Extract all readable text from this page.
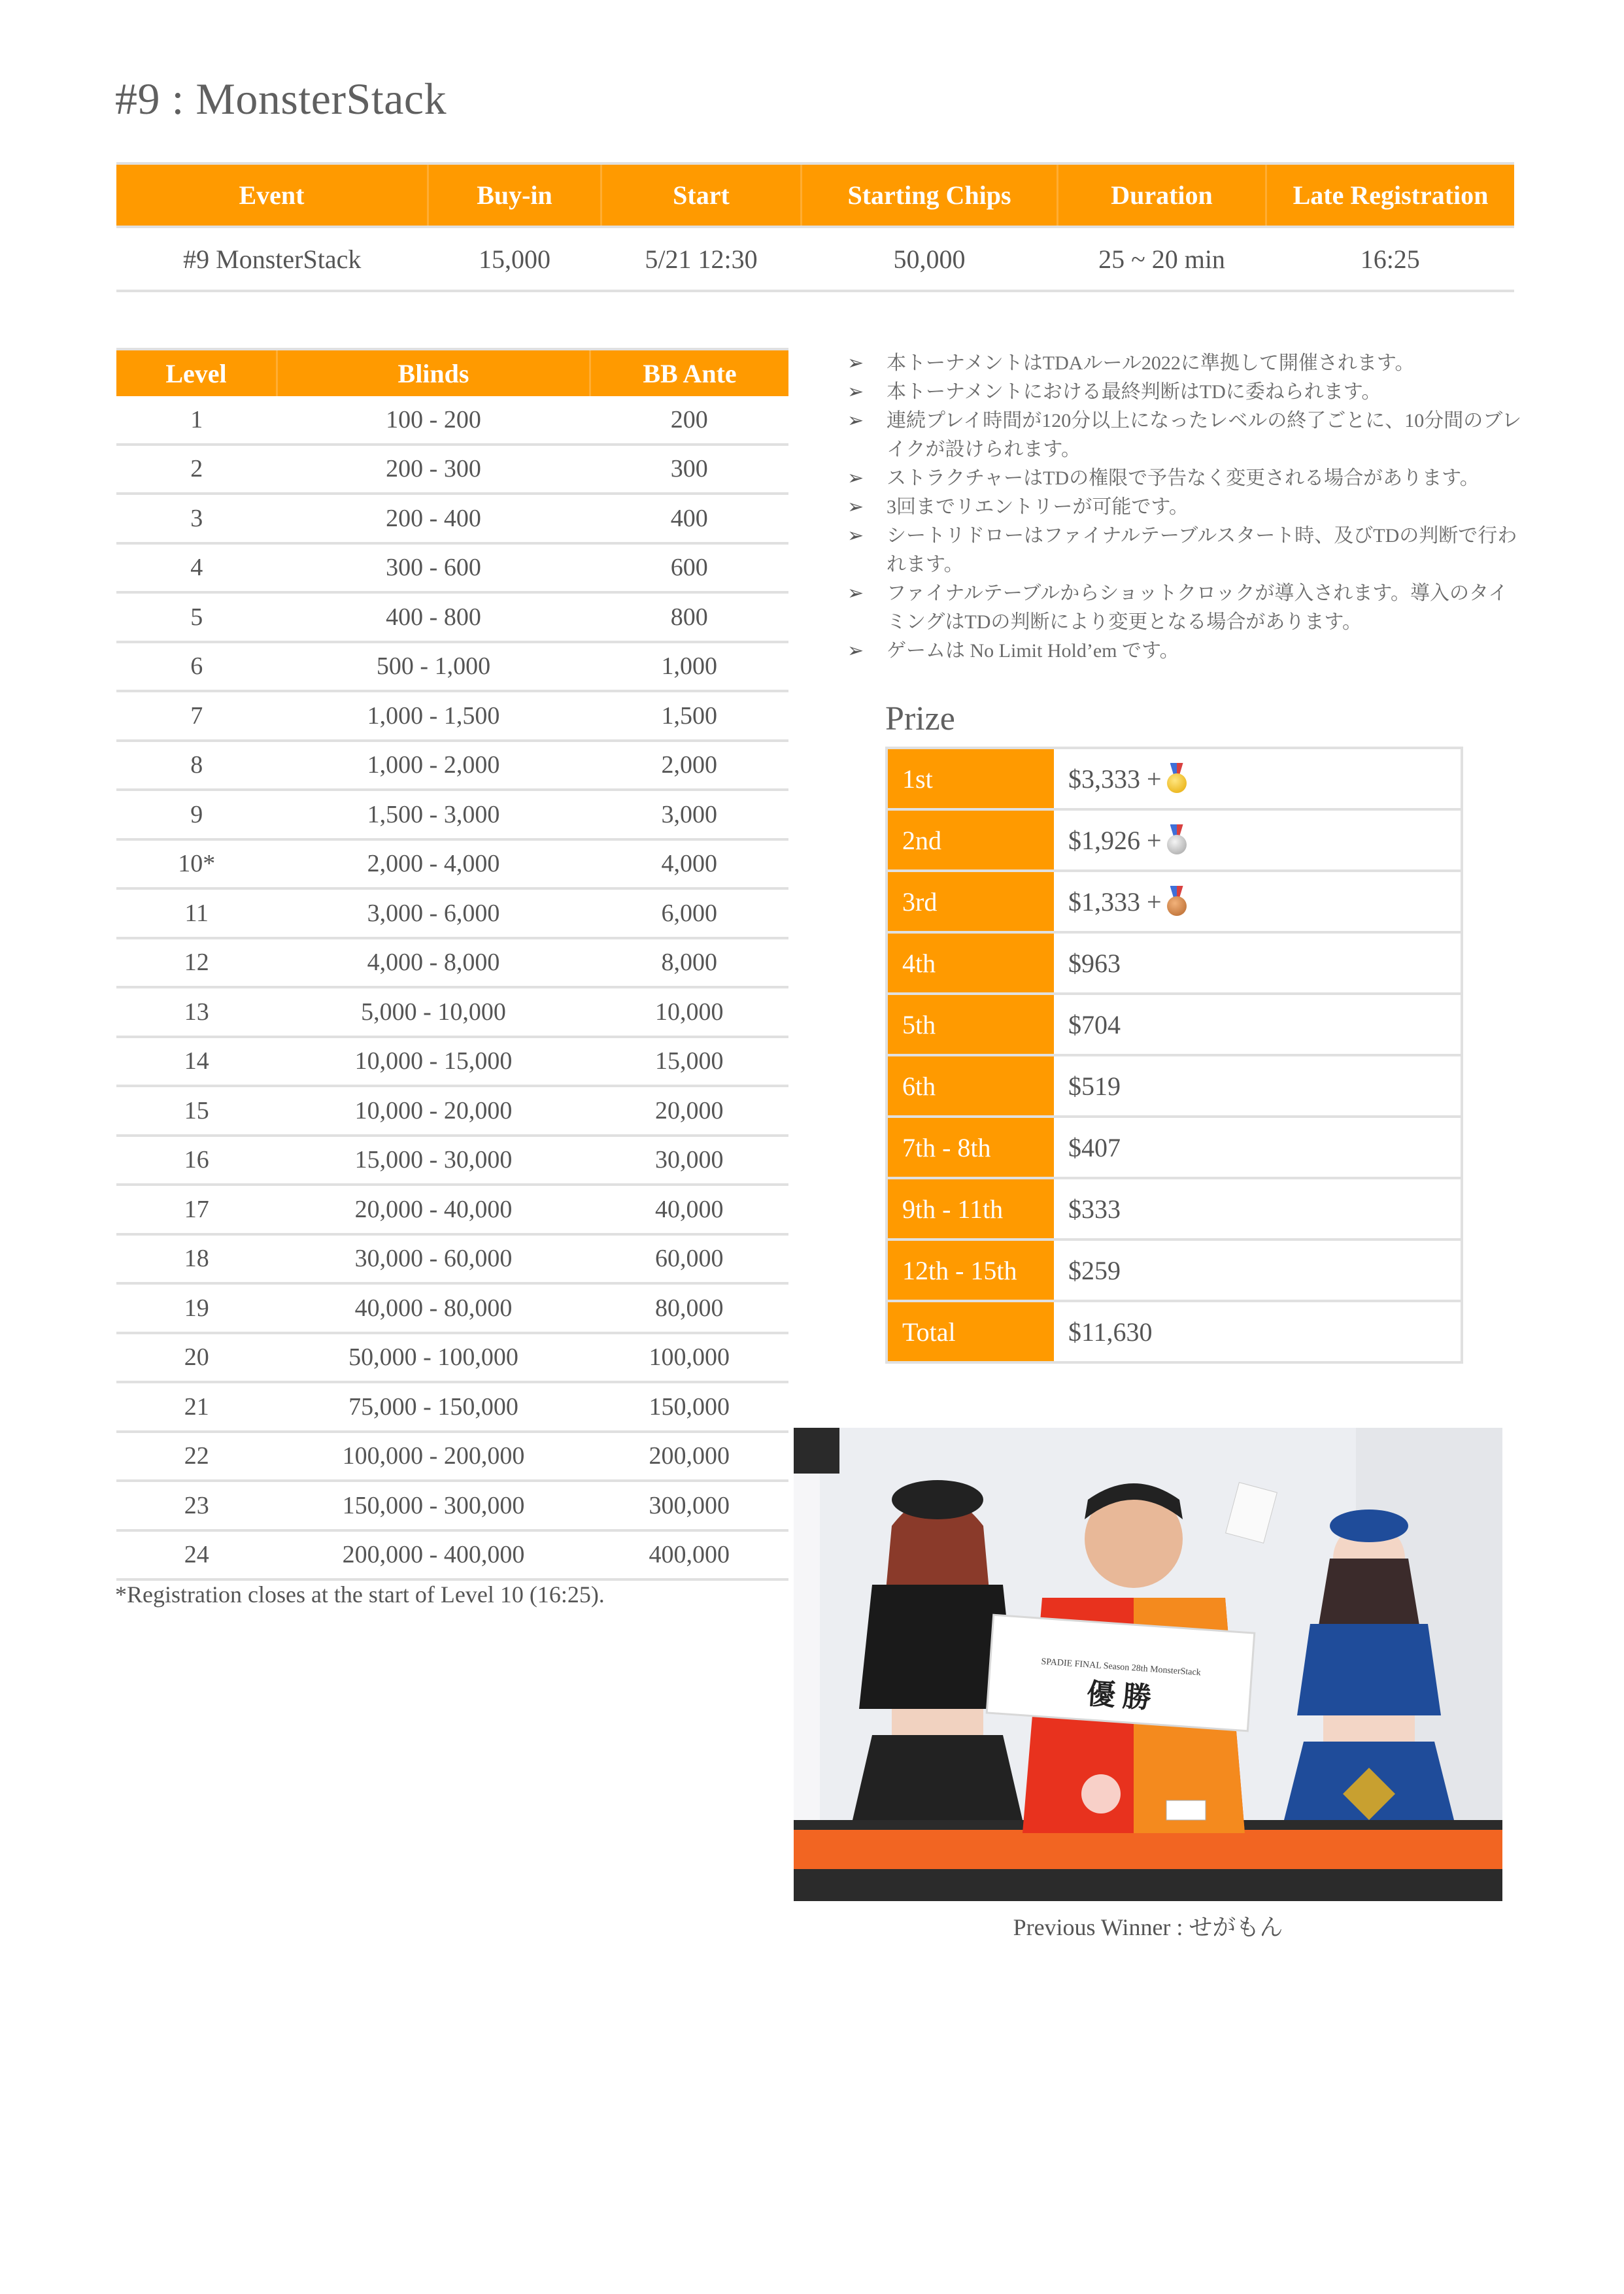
#9 : MonsterStack
Event	Buy-in	Start	Starting Chips	Duration	Late Registration
#9 MonsterStack	15,000	5/21 12:30	50,000	25 ~ 20 min	16:25
Level	Blinds	BB Ante
1	100 - 200	200
2	200 - 300	300
3	200 - 400	400
4	300 - 600	600
5	400 - 800	800
6	500 - 1,000	1,000
7	1,000 - 1,500	1,500
8	1,000 - 2,000	2,000
9	1,500 - 3,000	3,000
10*	2,000 - 4,000	4,000
11	3,000 - 6,000	6,000
12	4,000 - 8,000	8,000
13	5,000 - 10,000	10,000
14	10,000 - 15,000	15,000
15	10,000 - 20,000	20,000
16	15,000 - 30,000	30,000
17	20,000 - 40,000	40,000
18	30,000 - 60,000	60,000
19	40,000 - 80,000	80,000
20	50,000 - 100,000	100,000
21	75,000 - 150,000	150,000
22	100,000 - 200,000	200,000
23	150,000 - 300,000	300,000
24	200,000 - 400,000	400,000
*Registration closes at the start of Level 10 (16:25).
➢ 本トーナメントはTDAルール2022に準拠して開催されます。
➢ 本トーナメントにおける最終判断はTDに委ねられます。
➢ 連続プレイ時間が120分以上になったレベルの終了ごとに、10分間のブレイクが設けられます。
➢ ストラクチャーはTDの権限で予告なく変更される場合があります。
➢ 3回までリエントリーが可能です。
➢ シートリドローはファイナルテーブルスタート時、及びTDの判断で行われます。
➢ ファイナルテーブルからショットクロックが導入されます。導入のタイミングはTDの判断により変更となる場合があります。
➢ ゲームは No Limit Hold’em です。
Prize
1st	$3,333 +

2nd	$1,926 +

3rd	$1,333 +

4th	$963
5th	$704
6th	$519
7th - 8th	$407
9th - 11th	$333
12th - 15th	$259
Total	$11,630
SPADIE FINAL Season 28th MonsterStack
優 勝
Previous Winner : せがもん
